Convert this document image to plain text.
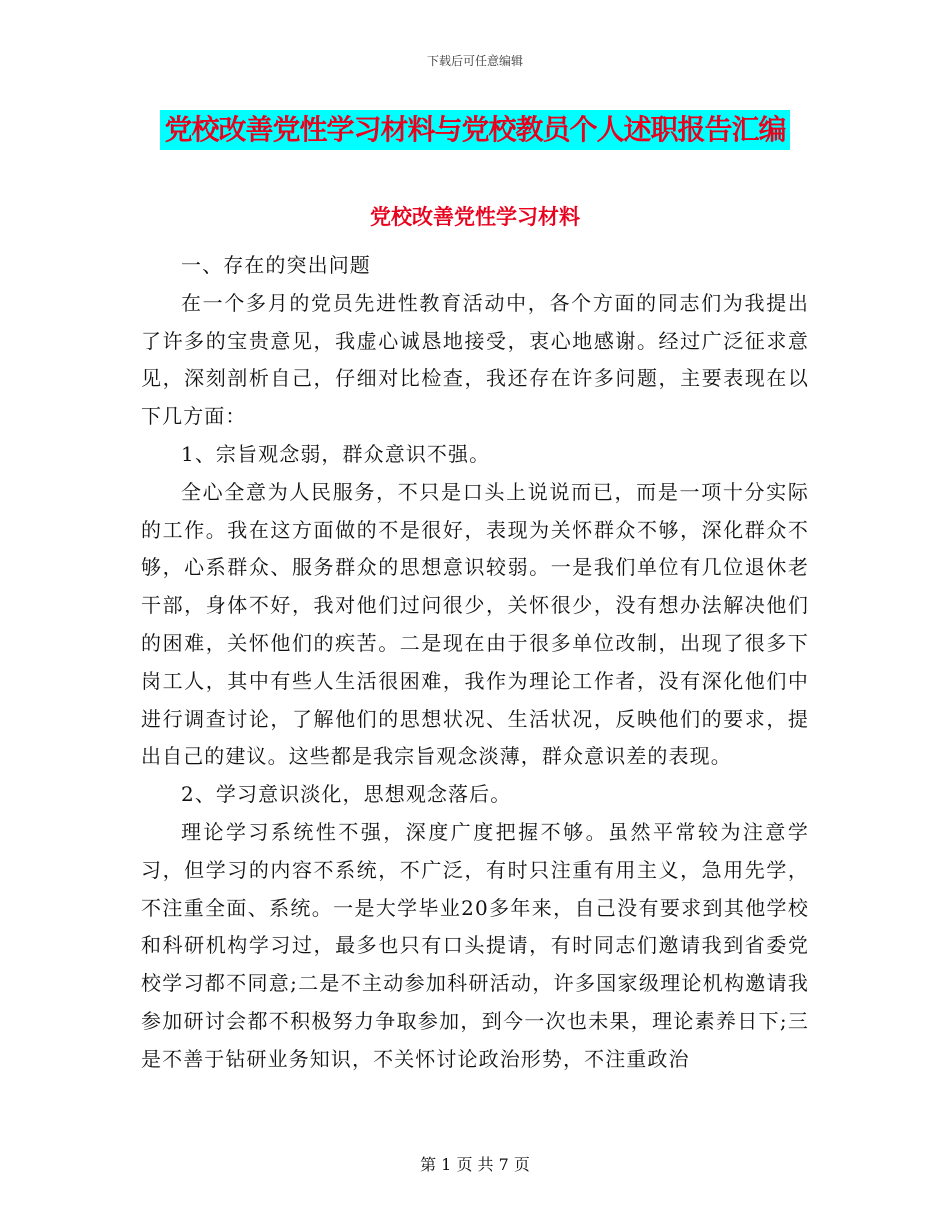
下载后可任意编辑
党校改善党性学习材料与党校教员个人述职报告汇编
党校改善党性学习材料

一、存在的突出问题

在一个多月的党员先进性教育活动中，各个方面的同志们为我提出了许多的宝贵意见，我虚心诚恳地接受，衷心地感谢。经过广泛征求意见，深刻剖析自己，仔细对比检查，我还存在许多问题，主要表现在以下几方面：

1、宗旨观念弱，群众意识不强。

全心全意为人民服务，不只是口头上说说而已，而是一项十分实际的工作。我在这方面做的不是很好，表现为关怀群众不够，深化群众不够，心系群众、服务群众的思想意识较弱。一是我们单位有几位退休老干部，身体不好，我对他们过问很少，关怀很少，没有想办法解决他们的困难，关怀他们的疾苦。二是现在由于很多单位改制，出现了很多下岗工人，其中有些人生活很困难，我作为理论工作者，没有深化他们中进行调查讨论，了解他们的思想状况、生活状况，反映他们的要求，提出自己的建议。这些都是我宗旨观念淡薄，群众意识差的表现。

2、学习意识淡化，思想观念落后。

理论学习系统性不强，深度广度把握不够。虽然平常较为注意学习，但学习的内容不系统，不广泛，有时只注重有用主义，急用先学，不注重全面、系统。一是大学毕业20多年来，自己没有要求到其他学校和科研机构学习过，最多也只有口头提请，有时同志们邀请我到省委党校学习都不同意;二是不主动参加科研活动，许多国家级理论机构邀请我参加研讨会都不积极努力争取参加，到今一次也未果，理论素养日下;三是不善于钻研业务知识，不关怀讨论政治形势，不注重政治

第 1 页 共 7 页
